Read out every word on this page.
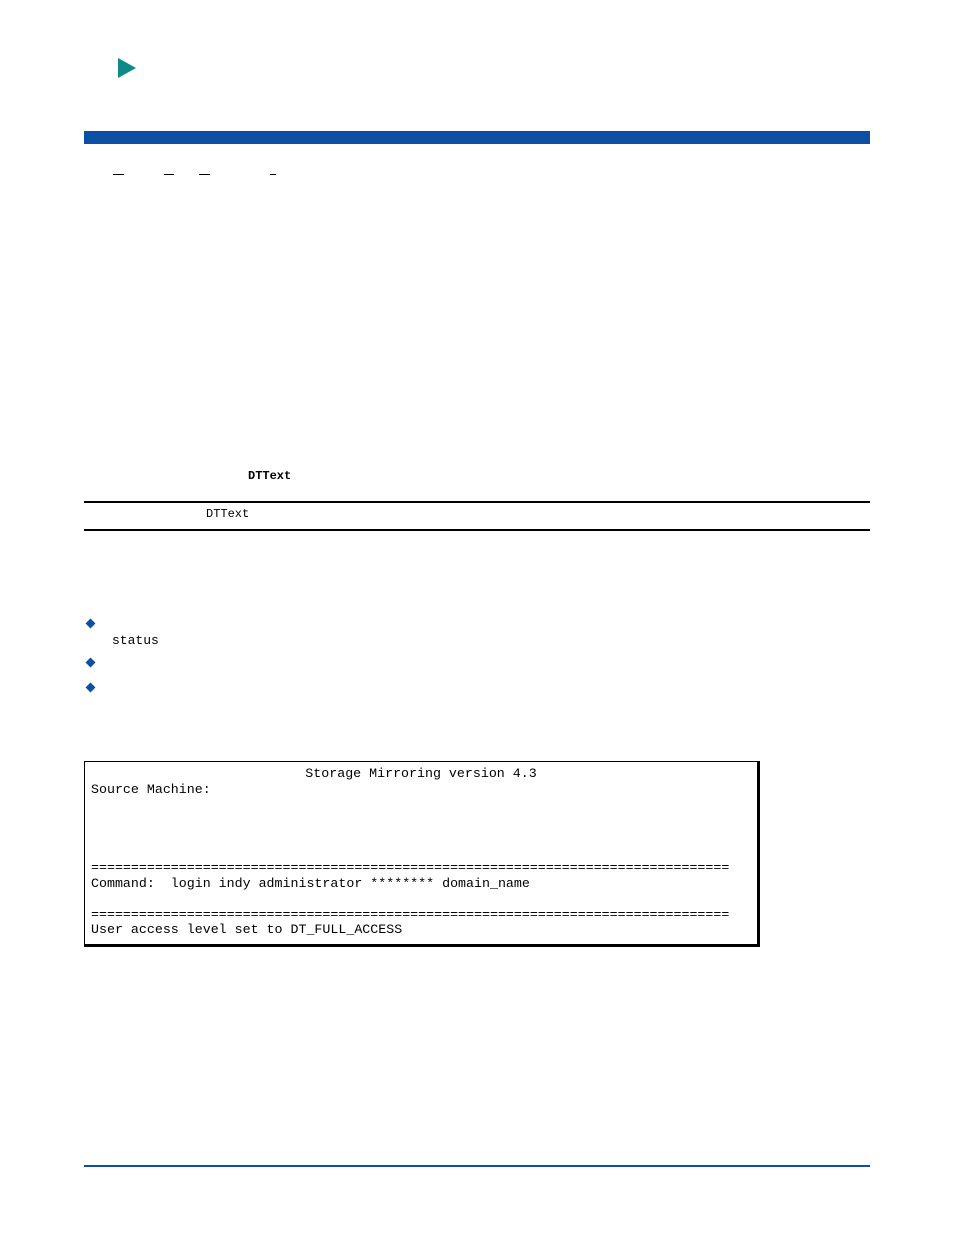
DTText
DTText
status
Storage Mirroring version 4.3
Source Machine:
================================================================================
Command:  login indy administrator ******** domain_name
================================================================================
User access level set to DT_FULL_ACCESS
